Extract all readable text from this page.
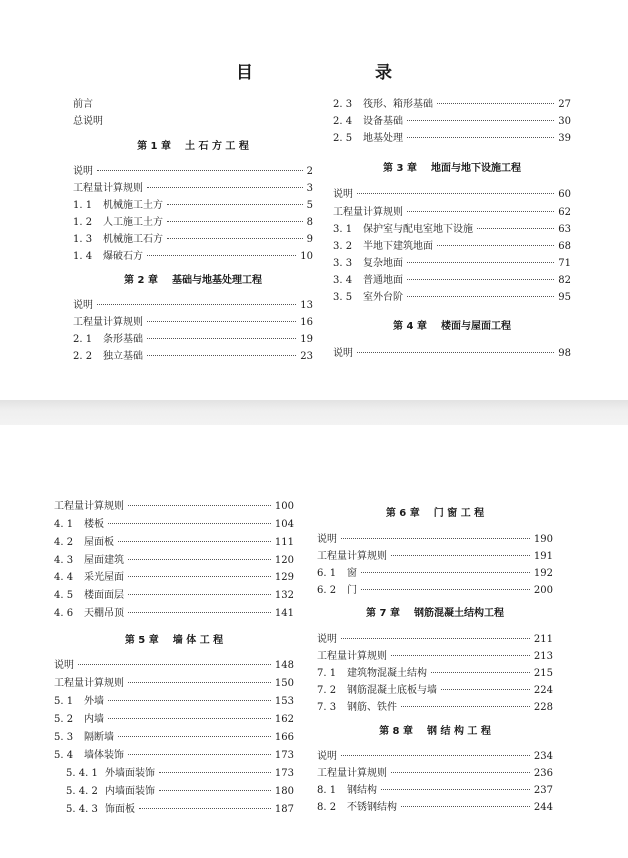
目 录
前言
总说明
第 1 章 土 石 方 工 程
说明	2
工程量计算规则	3
1. 1	机械施工土方	5
1. 2	人工施工土方	8
1. 3	机械施工石方	9
1. 4	爆破石方	10
第 2 章 基础与地基处理工程
说明	13
工程量计算规则	16
2. 1	条形基础	19
2. 2	独立基础	23
2. 3	筏形、箱形基础	27
2. 4	设备基础	30
2. 5	地基处理	39
第 3 章 地面与地下设施工程
说明	60
工程量计算规则	62
3. 1	保护室与配电室地下设施	63
3. 2	半地下建筑地面	68
3. 3	复杂地面	71
3. 4	普通地面	82
3. 5	室外台阶	95
第 4 章 楼面与屋面工程
说明	98
工程量计算规则	100
4. 1	楼板	104
4. 2	屋面板	111
4. 3	屋面建筑	120
4. 4	采光屋面	129
4. 5	楼面面层	132
4. 6	天棚吊顶	141
第 5 章 墙 体 工 程
说明	148
工程量计算规则	150
5. 1	外墙	153
5. 2	内墙	162
5. 3	隔断墙	166
5. 4	墙体装饰	173
5. 4. 1 外墙面装饰	173
5. 4. 2 内墙面装饰	180
5. 4. 3 饰面板	187
第 6 章 门 窗 工 程
说明	190
工程量计算规则	191
6. 1	窗	192
6. 2	门	200
第 7 章 钢筋混凝土结构工程
说明	211
工程量计算规则	213
7. 1	建筑物混凝土结构	215
7. 2	钢筋混凝土底板与墙	224
7. 3	钢筋、铁件	228
第 8 章 钢 结 构 工 程
说明	234
工程量计算规则	236
8. 1	钢结构	237
8. 2	不锈钢结构	244
